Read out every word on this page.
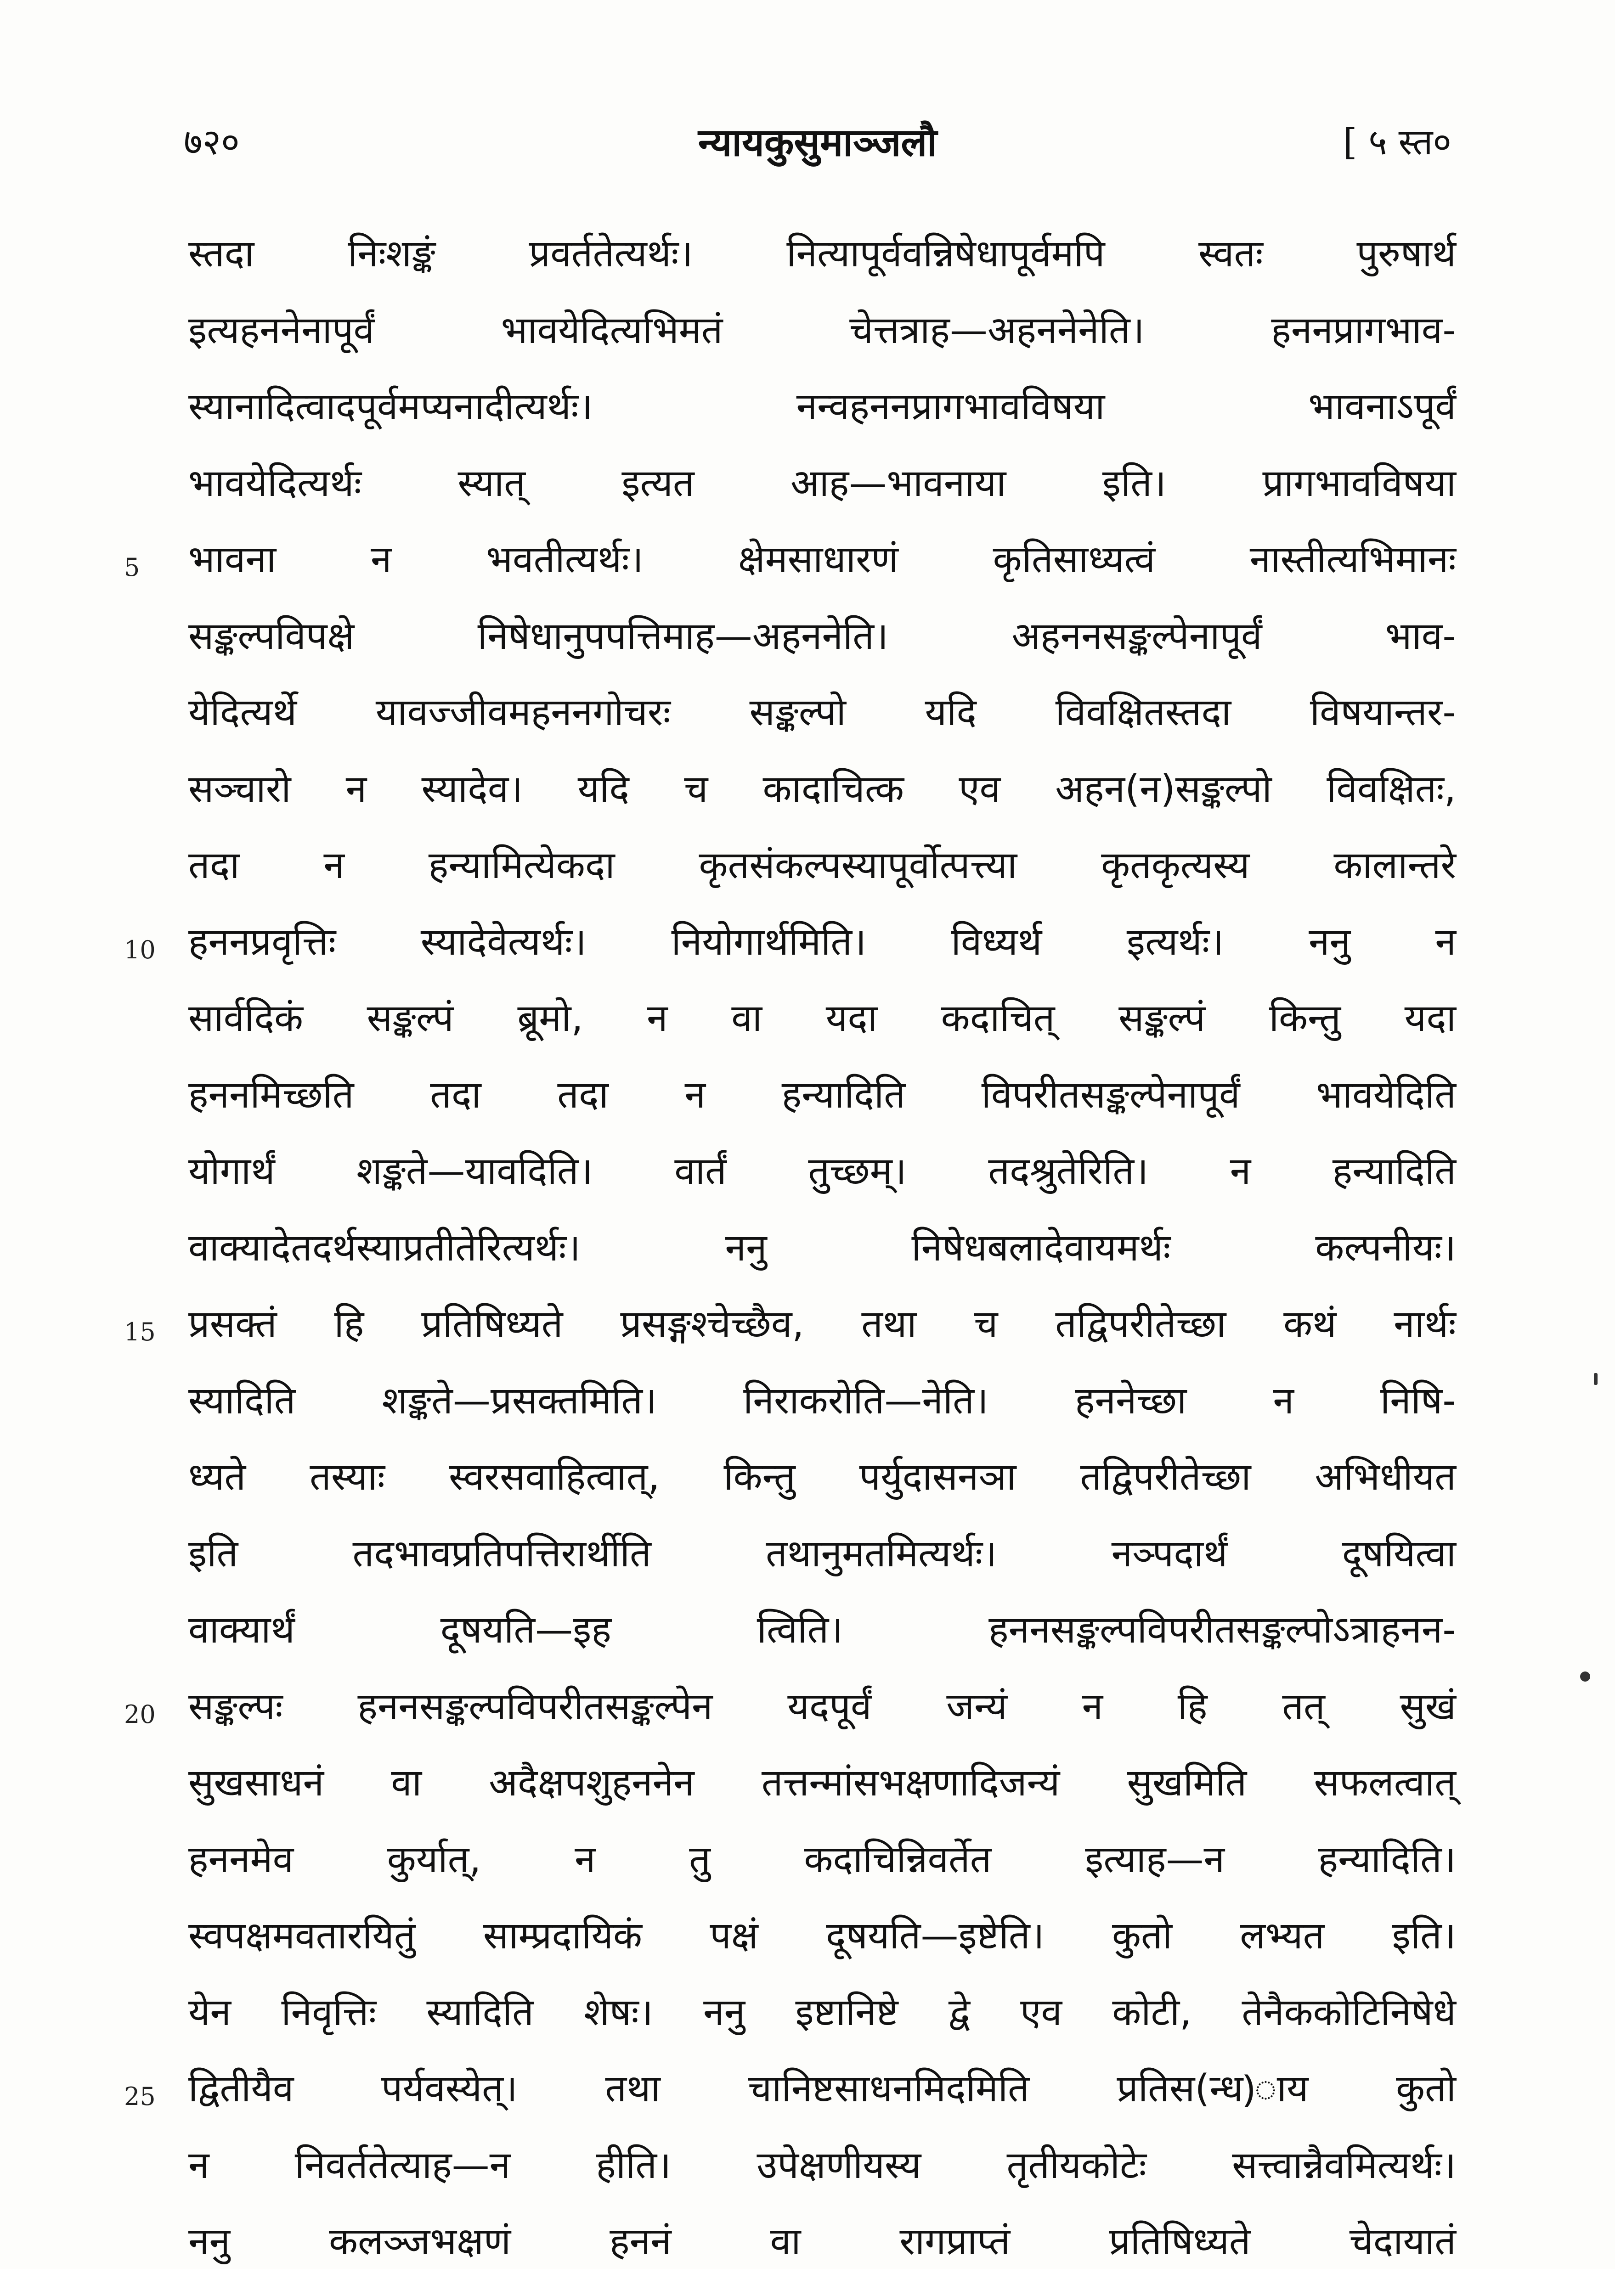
७२०	न्यायकुसुमाञ्जलौ	[ ५ स्त०
स्तदा निःशङ्कं प्रवर्ततेत्यर्थः। नित्यापूर्ववन्निषेधापूर्वमपि स्वतः पुरुषार्थ
इत्यहननेनापूर्वं भावयेदित्यभिमतं चेत्तत्राह—अहननेनेति। हननप्रागभाव-
स्यानादित्वादपूर्वमप्यनादीत्यर्थः। नन्वहननप्रागभावविषया भावनाऽपूर्वं
भावयेदित्यर्थः स्यात् इत्यत आह—भावनाया इति। प्रागभावविषया
5	भावना न भवतीत्यर्थः। क्षेमसाधारणं कृतिसाध्यत्वं नास्तीत्यभिमानः
सङ्कल्पविपक्षे निषेधानुपपत्तिमाह—अहननेति। अहननसङ्कल्पेनापूर्वं भाव-
येदित्यर्थे यावज्जीवमहननगोचरः सङ्कल्पो यदि विवक्षितस्तदा विषयान्तर-
सञ्चारो न स्यादेव। यदि च कादाचित्क एव अहन(न)सङ्कल्पो विवक्षितः,
तदा न हन्यामित्येकदा कृतसंकल्पस्यापूर्वोत्पत्त्या कृतकृत्यस्य कालान्तरे
10 हननप्रवृत्तिः स्यादेवेत्यर्थः। नियोगार्थमिति। विध्यर्थ इत्यर्थः। ननु न
सार्वदिकं सङ्कल्पं ब्रूमो, न वा यदा कदाचित् सङ्कल्पं किन्तु यदा
हननमिच्छति तदा तदा न हन्यादिति विपरीतसङ्कल्पेनापूर्वं भावयेदिति
योगार्थं शङ्कते—यावदिति। वार्तं तुच्छम्। तदश्रुतेरिति। न हन्यादिति
वाक्यादेतदर्थस्याप्रतीतेरित्यर्थः। ननु निषेधबलादेवायमर्थः कल्पनीयः।
15 प्रसक्तं हि प्रतिषिध्यते प्रसङ्गश्चेच्छैव, तथा च तद्विपरीतेच्छा कथं नार्थः
स्यादिति शङ्कते—प्रसक्तमिति। निराकरोति—नेति। हननेच्छा न निषि-
ध्यते तस्याः स्वरसवाहित्वात्, किन्तु पर्युदासनञा तद्विपरीतेच्छा अभिधीयत
इति तदभावप्रतिपत्तिरार्थीति तथानुमतमित्यर्थः। नञ्पदार्थं दूषयित्वा
वाक्यार्थं दूषयति—इह त्विति। हननसङ्कल्पविपरीतसङ्कल्पोऽत्राहनन-
20 सङ्कल्पः हननसङ्कल्पविपरीतसङ्कल्पेन यदपूर्वं जन्यं न हि तत् सुखं
सुखसाधनं वा अदैक्षपशुहननेन तत्तन्मांसभक्षणादिजन्यं सुखमिति सफलत्वात्
हननमेव कुर्यात्, न तु कदाचिन्निवर्तेत इत्याह—न हन्यादिति।
स्वपक्षमवतारयितुं साम्प्रदायिकं पक्षं दूषयति—इष्टेति। कुतो लभ्यत इति।
येन निवृत्तिः स्यादिति शेषः। ननु इष्टानिष्टे द्वे एव कोटी, तेनैककोटिनिषेधे
25 द्वितीयैव पर्यवस्येत्। तथा चानिष्टसाधनमिदमिति प्रतिस(न्ध)ाय कुतो
न निवर्ततेत्याह—न हीति। उपेक्षणीयस्य तृतीयकोटेः सत्त्वान्नैवमित्यर्थः।
ननु कलञ्जभक्षणं हननं वा रागप्राप्तं प्रतिषिध्यते चेदायातं
